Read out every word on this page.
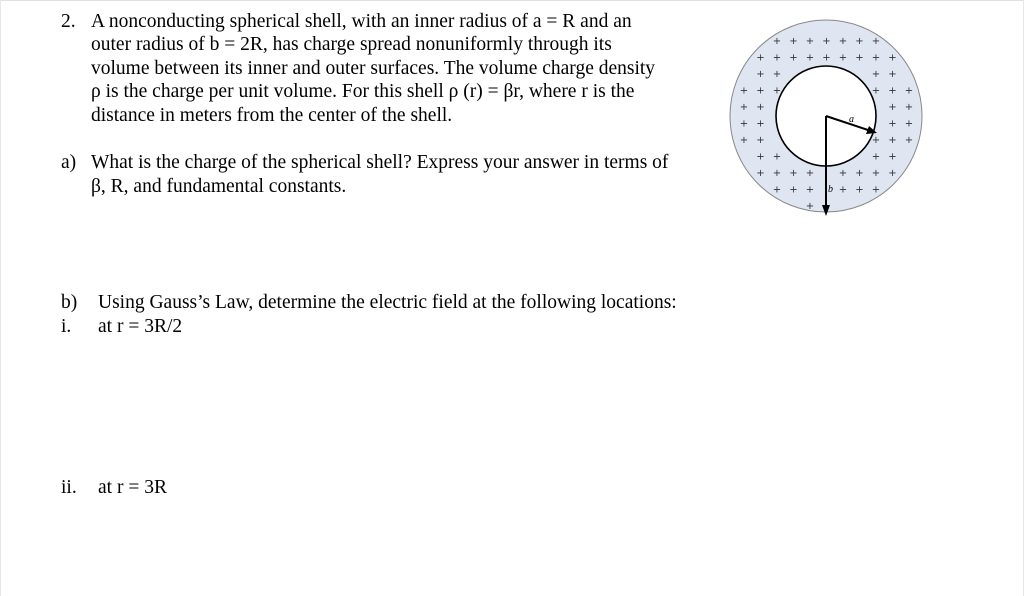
2. A nonconducting spherical shell, with an inner radius of a = R and an
outer radius of b = 2R, has charge spread nonuniformly through its
volume between its inner and outer surfaces. The volume charge density
ρ is the charge per unit volume. For this shell ρ (r) = βr, where r is the
distance in meters from the center of the shell.
a) What is the charge of the spherical shell? Express your answer in terms of
β, R, and fundamental constants.
b) Using Gauss’s Law, determine the electric field at the following locations:
i. at r = 3R/2
ii. at r = 3R
+ + + + + + +
+ + + + + + + + +
+ +	+ +
+ + +	+ + +
+ +	+ +
+ +	+ +
+ +	+ + +
+ +	+ +
+ + + + + + + +
+ + + + + +
+
a
b
